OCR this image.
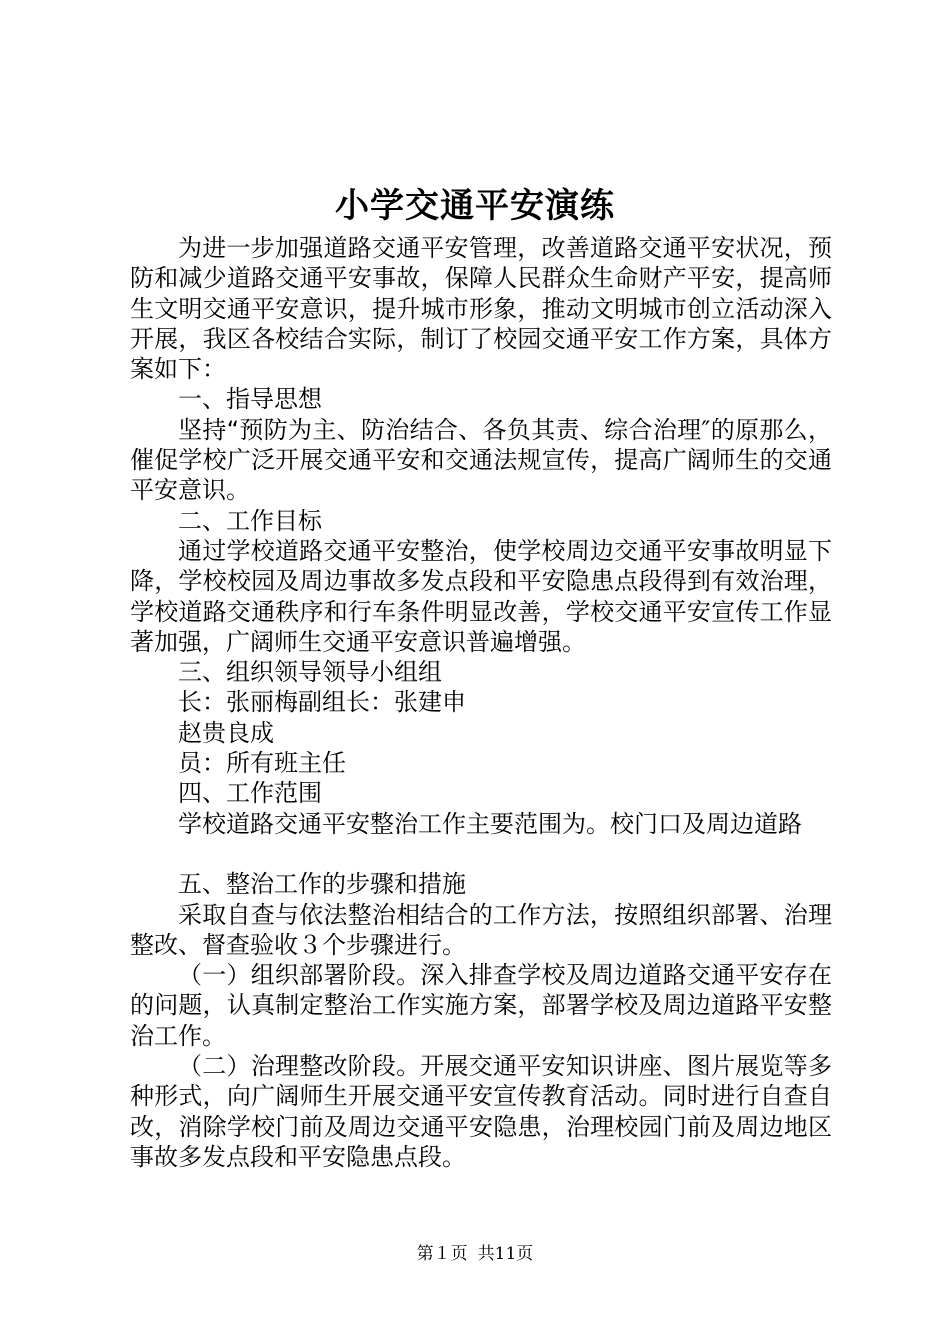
小学交通平安演练

为进一步加强道路交通平安管理，改善道路交通平安状况，预防和减少道路交通平安事故，保障人民群众生命财产平安，提高师生文明交通平安意识，提升城市形象，推动文明城市创立活动深入开展，我区各校结合实际，制订了校园交通平安工作方案，具体方案如下：

一、指导思想

坚持“预防为主、防治结合、各负其责、综合治理″的原那么，催促学校广泛开展交通平安和交通法规宣传，提高广阔师生的交通平安意识。

二、工作目标

通过学校道路交通平安整治，使学校周边交通平安事故明显下降，学校校园及周边事故多发点段和平安隐患点段得到有效治理，学校道路交通秩序和行车条件明显改善，学校交通平安宣传工作显著加强，广阔师生交通平安意识普遍增强。

三、组织领导领导小组组

长：张丽梅副组长：张建申

赵贵良成

员：所有班主任

四、工作范围

学校道路交通平安整治工作主要范围为。校门口及周边道路

五、整治工作的步骤和措施

采取自查与依法整治相结合的工作方法，按照组织部署、治理整改、督查验收３个步骤进行。

（一）组织部署阶段。深入排查学校及周边道路交通平安存在的问题，认真制定整治工作实施方案，部署学校及周边道路平安整治工作。

（二）治理整改阶段。开展交通平安知识讲座、图片展览等多种形式，向广阔师生开展交通平安宣传教育活动。同时进行自查自改，消除学校门前及周边交通平安隐患，治理校园门前及周边地区事故多发点段和平安隐患点段。

第１页 共11页
